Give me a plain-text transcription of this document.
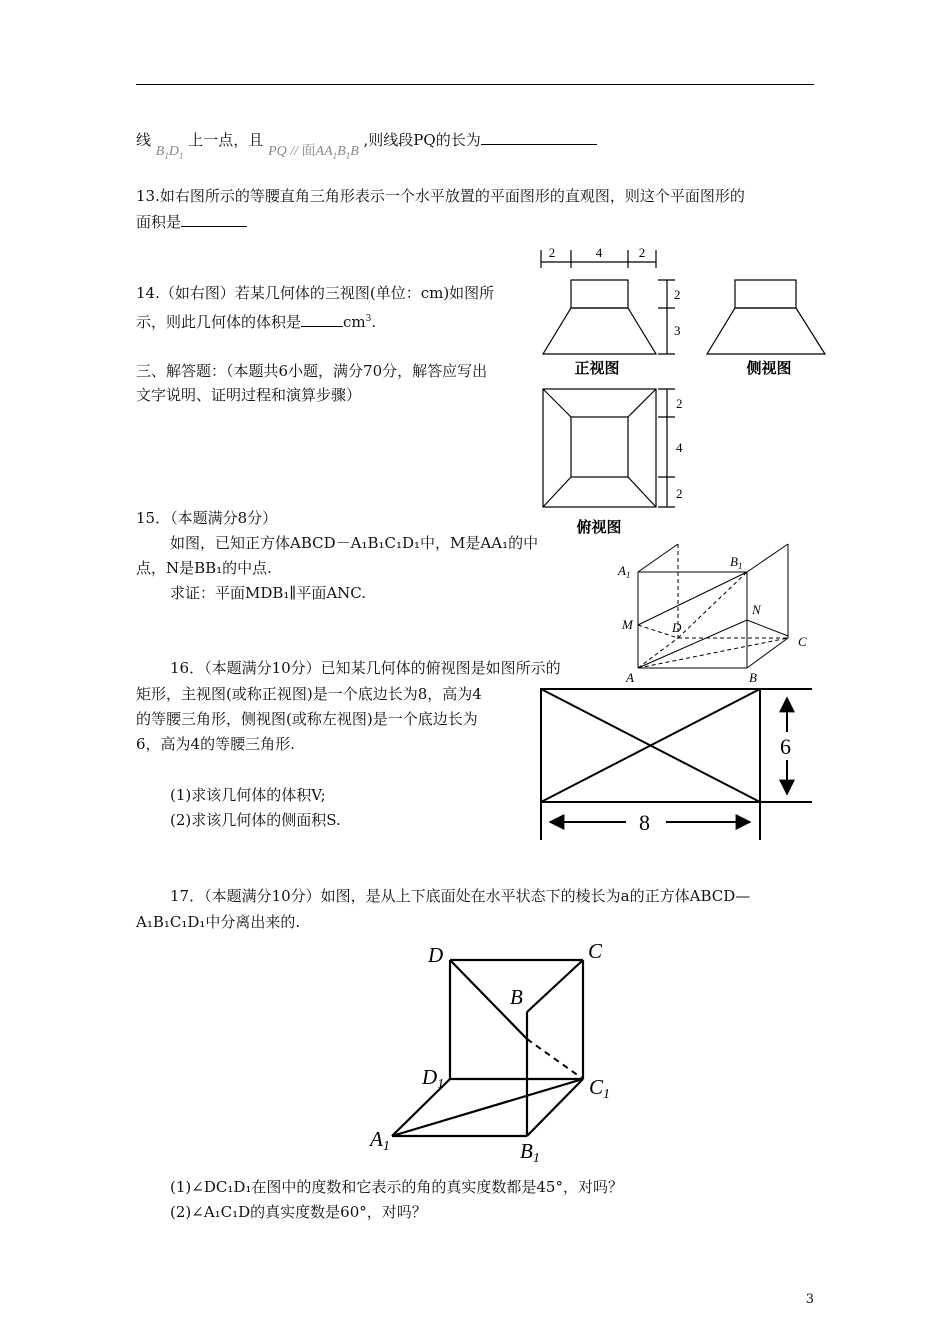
线 $B_1D_1$ 上一点，且 PQ // 面$AA_1B_1B$ ,则线段PQ的长为
13.如右图所示的等腰直角三角形表示一个水平放置的平面图形的直观图，则这个平面图形的
面积是
14.（如右图）若某几何体的三视图(单位：cm)如图所
示，则此几何体的体积是	$cm^3$.
三、解答题：（本题共6小题，满分70分，解答应写出
文字说明、证明过程和演算步骤）
2	4	2
2
3
2
4
2
正视图	侧视图
俯视图
15．（本题满分8分）
如图，已知正方体ABCD－A₁B₁C₁D₁中，M是AA₁的中
点，N是BB₁的中点.
求证：平面MDB₁∥平面ANC.
$A_1$
$B_1$
M
N
D
C
A	B
16．（本题满分10分）已知某几何体的俯视图是如图所示的
矩形，主视图(或称正视图)是一个底边长为8，高为4
的等腰三角形，侧视图(或称左视图)是一个底边长为
6，高为4的等腰三角形.
(1)求该几何体的体积V;
(2)求该几何体的侧面积S.
6
8
17．（本题满分10分）如图，是从上下底面处在水平状态下的棱长为a的正方体ABCD—
A₁B₁C₁D₁中分离出来的.
D	C
B
D1	C1
A1	B1
(1)∠DC₁D₁在图中的度数和它表示的角的真实度数都是45°，对吗？
(2)∠A₁C₁D的真实度数是60°，对吗？
3
